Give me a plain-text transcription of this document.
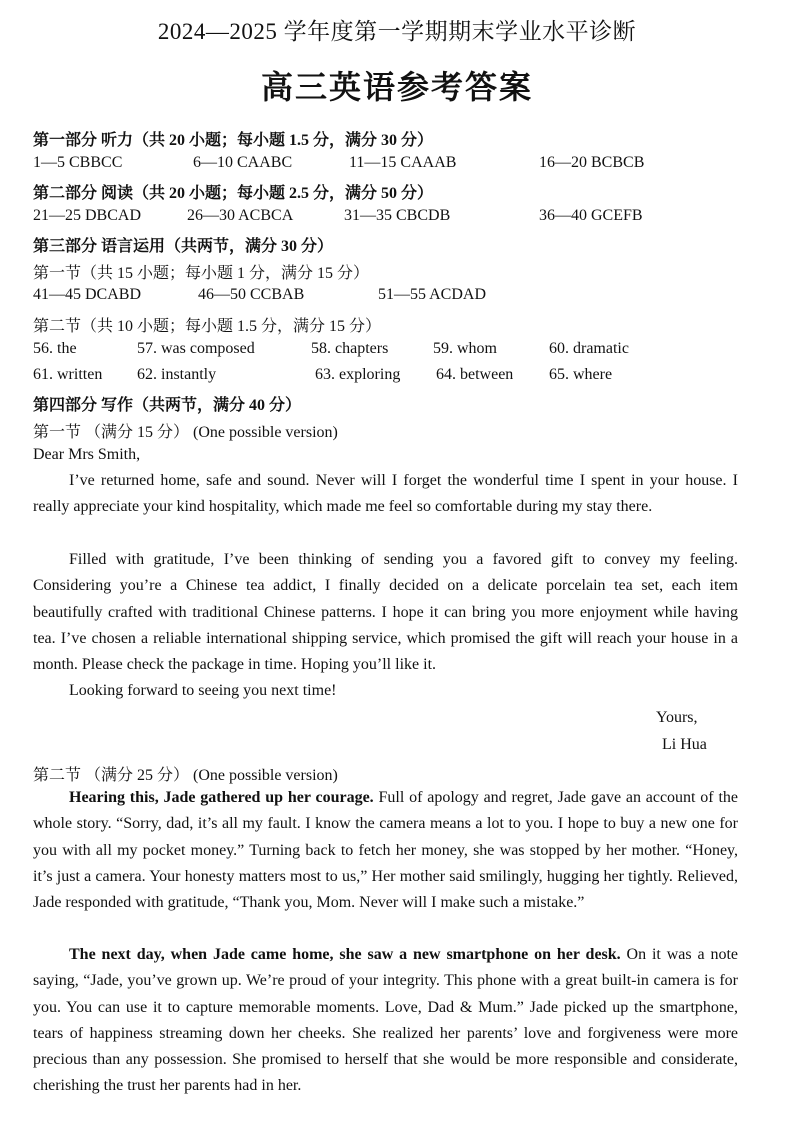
2024—2025 学年度第一学期期末学业水平诊断
高三英语参考答案
第一部分 听力（共 20 小题；每小题 1.5 分，满分 30 分）
1—5 CBBCC	6—10 CAABC	11—15 CAAAB	16—20 BCBCB
第二部分 阅读（共 20 小题；每小题 2.5 分，满分 50 分）
21—25 DBCAD	26—30 ACBCA	31—35 CBCDB	36—40 GCEFB
第三部分 语言运用（共两节，满分 30 分）
第一节（共 15 小题；每小题 1 分，满分 15 分）
41—45 DCABD	46—50 CCBAB	51—55 ACDAD
第二节（共 10 小题；每小题 1.5 分，满分 15 分）
56. the	57. was composed	58. chapters	59. whom	60. dramatic
61. written 62. instantly	63. exploring 64. between 65. where
第四部分 写作（共两节，满分 40 分）
第一节 （满分 15 分） (One possible version)
Dear Mrs Smith,

I’ve returned home, safe and sound. Never will I forget the wonderful time I spent in your house. I really appreciate your kind hospitality, which made me feel so comfortable during my stay there.

Filled with gratitude, I’ve been thinking of sending you a favored gift to convey my feeling. Considering you’re a Chinese tea addict, I finally decided on a delicate porcelain tea set, each item beautifully crafted with traditional Chinese patterns. I hope it can bring you more enjoyment while having tea. I’ve chosen a reliable international shipping service, which promised the gift will reach your house in a month. Please check the package in time. Hoping you’ll like it.

Looking forward to seeing you next time!

Yours,
Li Hua
第二节 （满分 25 分） (One possible version)

Hearing this, Jade gathered up her courage. Full of apology and regret, Jade gave an account of the whole story. “Sorry, dad, it’s all my fault. I know the camera means a lot to you. I hope to buy a new one for you with all my pocket money.” Turning back to fetch her money, she was stopped by her mother. “Honey, it’s just a camera. Your honesty matters most to us,” Her mother said smilingly, hugging her tightly. Relieved, Jade responded with gratitude, “Thank you, Mom. Never will I make such a mistake.”

The next day, when Jade came home, she saw a new smartphone on her desk. On it was a note saying, “Jade, you’ve grown up. We’re proud of your integrity. This phone with a great built-in camera is for you. You can use it to capture memorable moments. Love, Dad & Mum.” Jade picked up the smartphone, tears of happiness streaming down her cheeks. She realized her parents’ love and forgiveness were more precious than any possession. She promised to herself that she would be more responsible and considerate, cherishing the trust her parents had in her.
